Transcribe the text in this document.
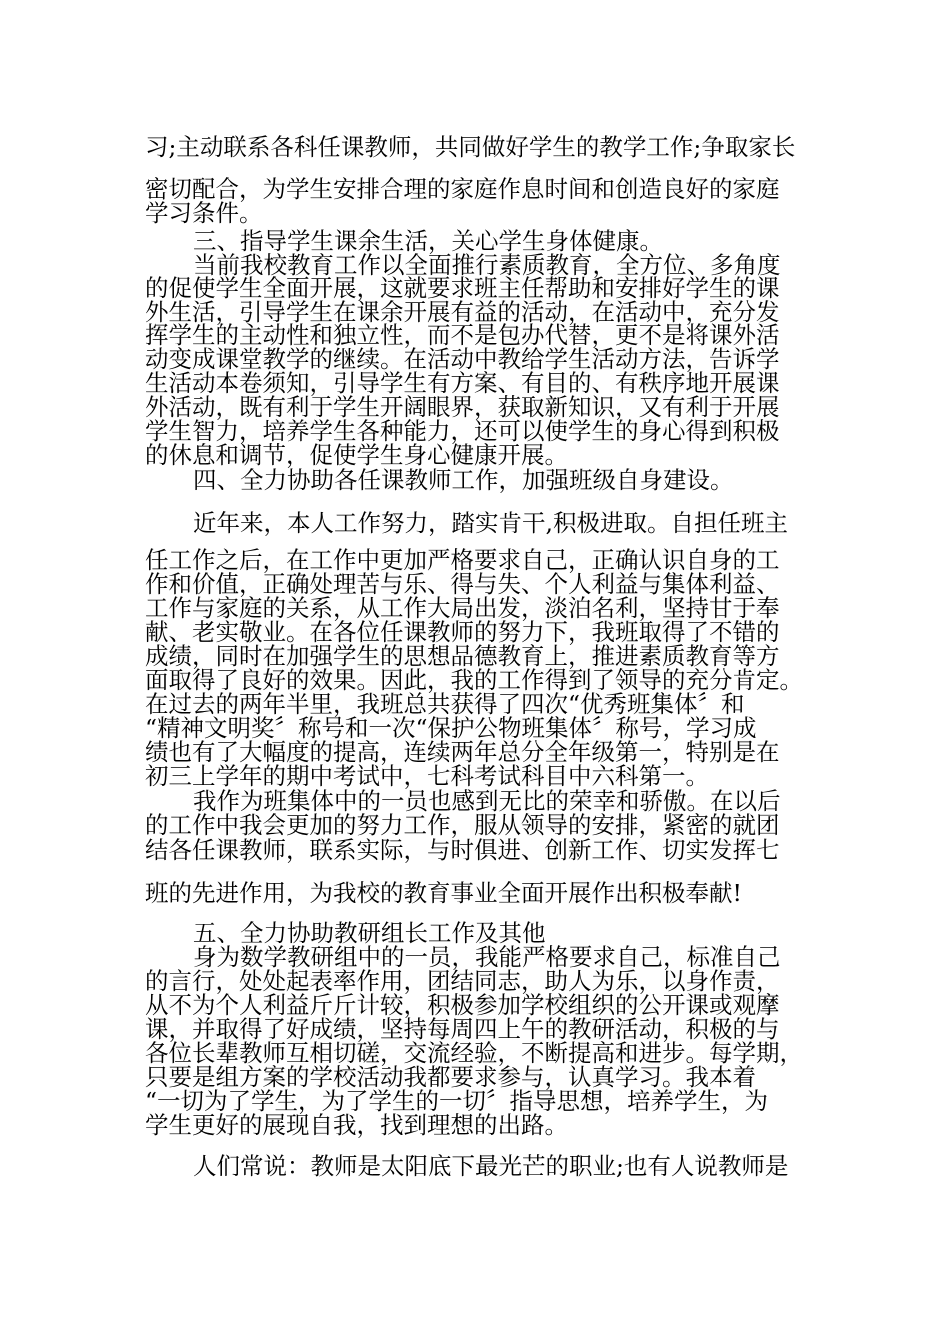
习;主动联系各科任课教师，共同做好学生的教学工作;争取家长
密切配合，为学生安排合理的家庭作息时间和创造良好的家庭
学习条件。
三、指导学生课余生活，关心学生身体健康。
当前我校教育工作以全面推行素质教育，全方位、多角度
的促使学生全面开展，这就要求班主任帮助和安排好学生的课
外生活，引导学生在课余开展有益的活动，在活动中，充分发
挥学生的主动性和独立性，而不是包办代替，更不是将课外活
动变成课堂教学的继续。在活动中教给学生活动方法，告诉学
生活动本卷须知，引导学生有方案、有目的、有秩序地开展课
外活动，既有利于学生开阔眼界，获取新知识，又有利于开展
学生智力，培养学生各种能力，还可以使学生的身心得到积极
的休息和调节，促使学生身心健康开展。
四、全力协助各任课教师工作，加强班级自身建设。
近年来，本人工作努力，踏实肯干,积极进取。自担任班主
任工作之后，在工作中更加严格要求自己，正确认识自身的工
作和价值，正确处理苦与乐、得与失、个人利益与集体利益、
工作与家庭的关系，从工作大局出发，淡泊名利，坚持甘于奉
献、老实敬业。在各位任课教师的努力下，我班取得了不错的
成绩，同时在加强学生的思想品德教育上，推进素质教育等方
面取得了良好的效果。因此，我的工作得到了领导的充分肯定。
在过去的两年半里，我班总共获得了四次“优秀班集体〞和
“精神文明奖〞称号和一次“保护公物班集体〞称号，学习成
绩也有了大幅度的提高，连续两年总分全年级第一，特别是在
初三上学年的期中考试中，七科考试科目中六科第一。
我作为班集体中的一员也感到无比的荣幸和骄傲。在以后
的工作中我会更加的努力工作，服从领导的安排，紧密的就团
结各任课教师，联系实际，与时俱进、创新工作、切实发挥七
班的先进作用，为我校的教育事业全面开展作出积极奉献!
五、全力协助教研组长工作及其他
身为数学教研组中的一员，我能严格要求自己，标准自己
的言行，处处起表率作用，团结同志，助人为乐，以身作责，
从不为个人利益斤斤计较，积极参加学校组织的公开课或观摩
课，并取得了好成绩，坚持每周四上午的教研活动，积极的与
各位长辈教师互相切磋，交流经验，不断提高和进步。每学期，
只要是组方案的学校活动我都要求参与，认真学习。我本着
“一切为了学生，为了学生的一切〞指导思想，培养学生，为
学生更好的展现自我，找到理想的出路。
人们常说：教师是太阳底下最光芒的职业;也有人说教师是
